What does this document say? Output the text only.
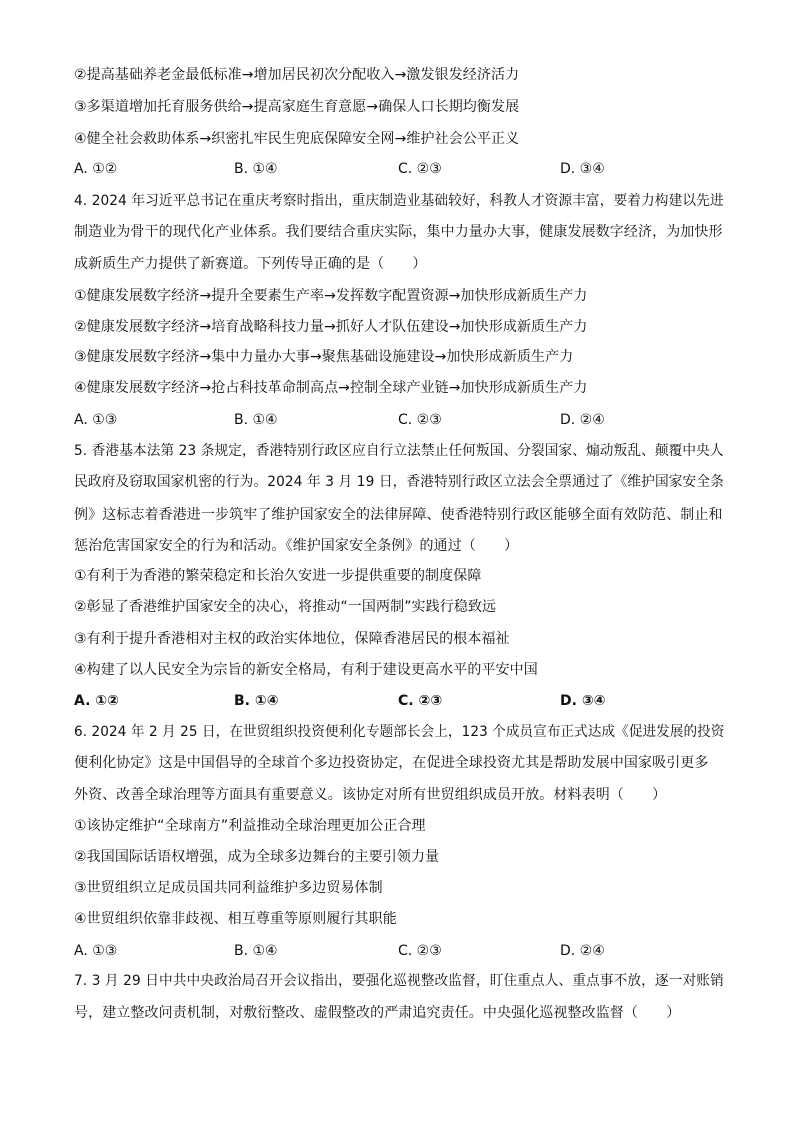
②提高基础养老金最低标准→增加居民初次分配收入→激发银发经济活力
③多渠道增加托育服务供给→提高家庭生育意愿→确保人口长期均衡发展
④健全社会救助体系→织密扎牢民生兜底保障安全网→维护社会公平正义
A. ①②	B. ①④	C. ②③	D. ③④
4. 2024 年习近平总书记在重庆考察时指出，重庆制造业基础较好，科教人才资源丰富，要着力构建以先进
制造业为骨干的现代化产业体系。我们要结合重庆实际，集中力量办大事，健康发展数字经济，为加快形
成新质生产力提供了新赛道。下列传导正确的是（　　）
①健康发展数字经济→提升全要素生产率→发挥数字配置资源→加快形成新质生产力
②健康发展数字经济→培育战略科技力量→抓好人才队伍建设→加快形成新质生产力
③健康发展数字经济→集中力量办大事→聚焦基础设施建设→加快形成新质生产力
④健康发展数字经济→抢占科技革命制高点→控制全球产业链→加快形成新质生产力
A. ①③	B. ①④	C. ②③	D. ②④
5. 香港基本法第 23 条规定，香港特别行政区应自行立法禁止任何叛国、分裂国家、煽动叛乱、颠覆中央人
民政府及窃取国家机密的行为。2024 年 3 月 19 日，香港特别行政区立法会全票通过了《维护国家安全条
例》这标志着香港进一步筑牢了维护国家安全的法律屏障、使香港特别行政区能够全面有效防范、制止和
惩治危害国家安全的行为和活动。《维护国家安全条例》的通过（　　）
①有利于为香港的繁荣稳定和长治久安进一步提供重要的制度保障
②彰显了香港维护国家安全的决心，将推动“一国两制”实践行稳致远
③有利于提升香港相对主权的政治实体地位，保障香港居民的根本福祉
④构建了以人民安全为宗旨的新安全格局，有利于建设更高水平的平安中国
A. ①②	B. ①④	C. ②③	D. ③④
6. 2024 年 2 月 25 日，在世贸组织投资便利化专题部长会上，123 个成员宣布正式达成《促进发展的投资
便利化协定》这是中国倡导的全球首个多边投资协定，在促进全球投资尤其是帮助发展中国家吸引更多
外资、改善全球治理等方面具有重要意义。该协定对所有世贸组织成员开放。材料表明（　　）
①该协定维护“全球南方”利益推动全球治理更加公正合理
②我国国际话语权增强，成为全球多边舞台的主要引领力量
③世贸组织立足成员国共同利益维护多边贸易体制
④世贸组织依靠非歧视、相互尊重等原则履行其职能
A. ①③	B. ①④	C. ②③	D. ②④
7. 3 月 29 日中共中央政治局召开会议指出，要强化巡视整改监督，盯住重点人、重点事不放，逐一对账销
号，建立整改问责机制，对敷衍整改、虚假整改的严肃追究责任。中央强化巡视整改监督（　　）
